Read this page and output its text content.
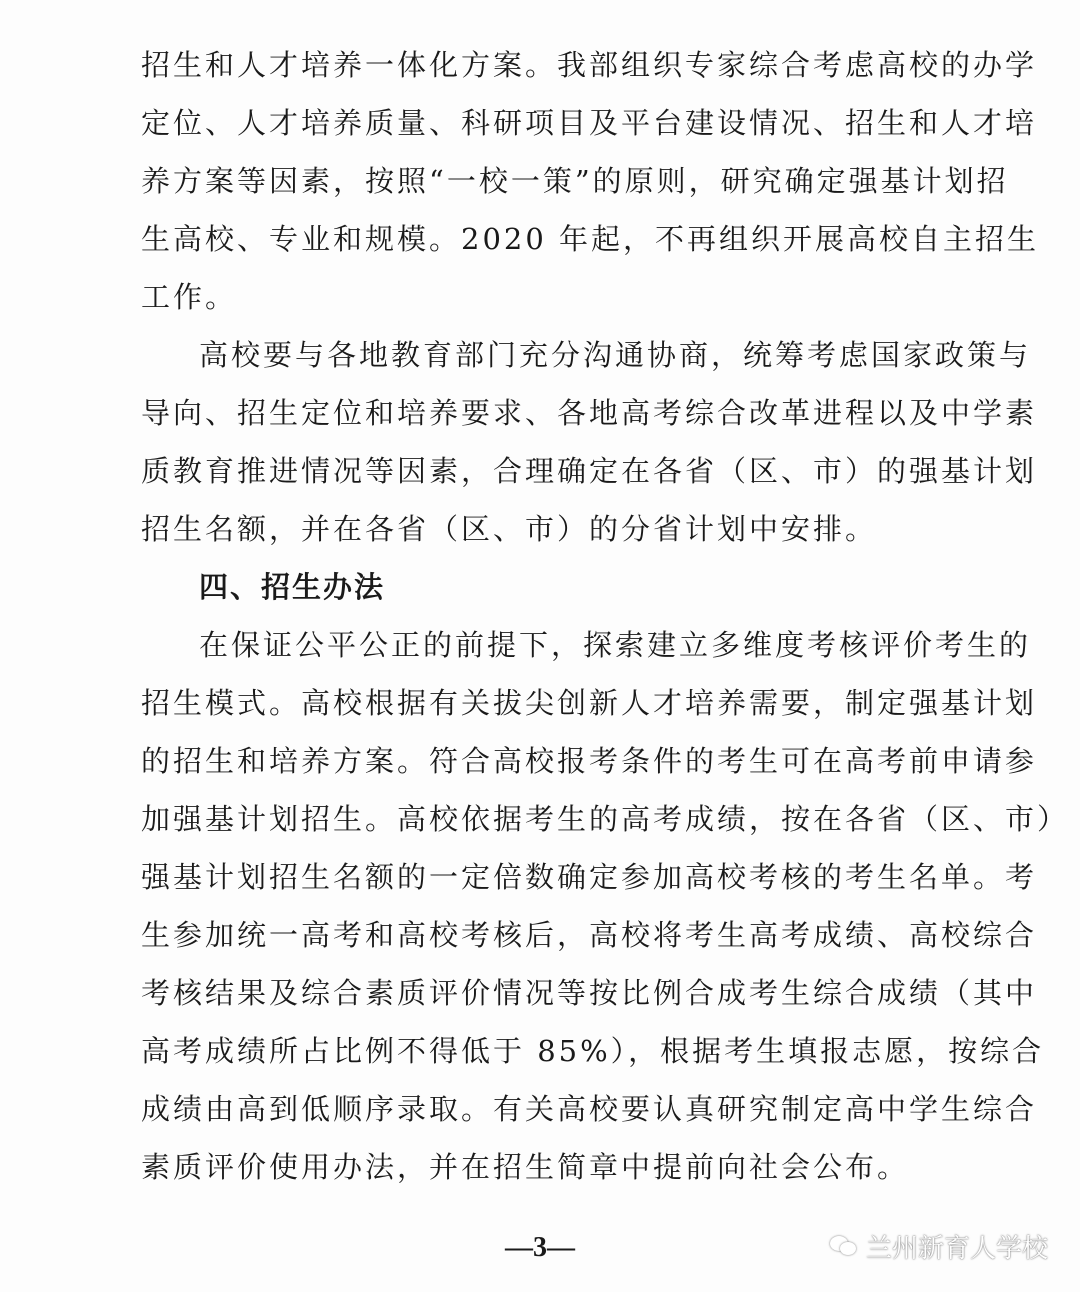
招生和人才培养一体化方案。我部组织专家综合考虑高校的办学
定位、人才培养质量、科研项目及平台建设情况、招生和人才培
养方案等因素，按照“一校一策”的原则，研究确定强基计划招
生高校、专业和规模。2020 年起，不再组织开展高校自主招生
工作。
高校要与各地教育部门充分沟通协商，统筹考虑国家政策与
导向、招生定位和培养要求、各地高考综合改革进程以及中学素
质教育推进情况等因素，合理确定在各省（区、市）的强基计划
招生名额，并在各省（区、市）的分省计划中安排。
四、招生办法
在保证公平公正的前提下，探索建立多维度考核评价考生的
招生模式。高校根据有关拔尖创新人才培养需要，制定强基计划
的招生和培养方案。符合高校报考条件的考生可在高考前申请参
加强基计划招生。高校依据考生的高考成绩，按在各省（区、市）
强基计划招生名额的一定倍数确定参加高校考核的考生名单。考
生参加统一高考和高校考核后，高校将考生高考成绩、高校综合
考核结果及综合素质评价情况等按比例合成考生综合成绩（其中
高考成绩所占比例不得低于 85%），根据考生填报志愿，按综合
成绩由高到低顺序录取。有关高校要认真研究制定高中学生综合
素质评价使用办法，并在招生简章中提前向社会公布。
—3—	兰州新育人学校
